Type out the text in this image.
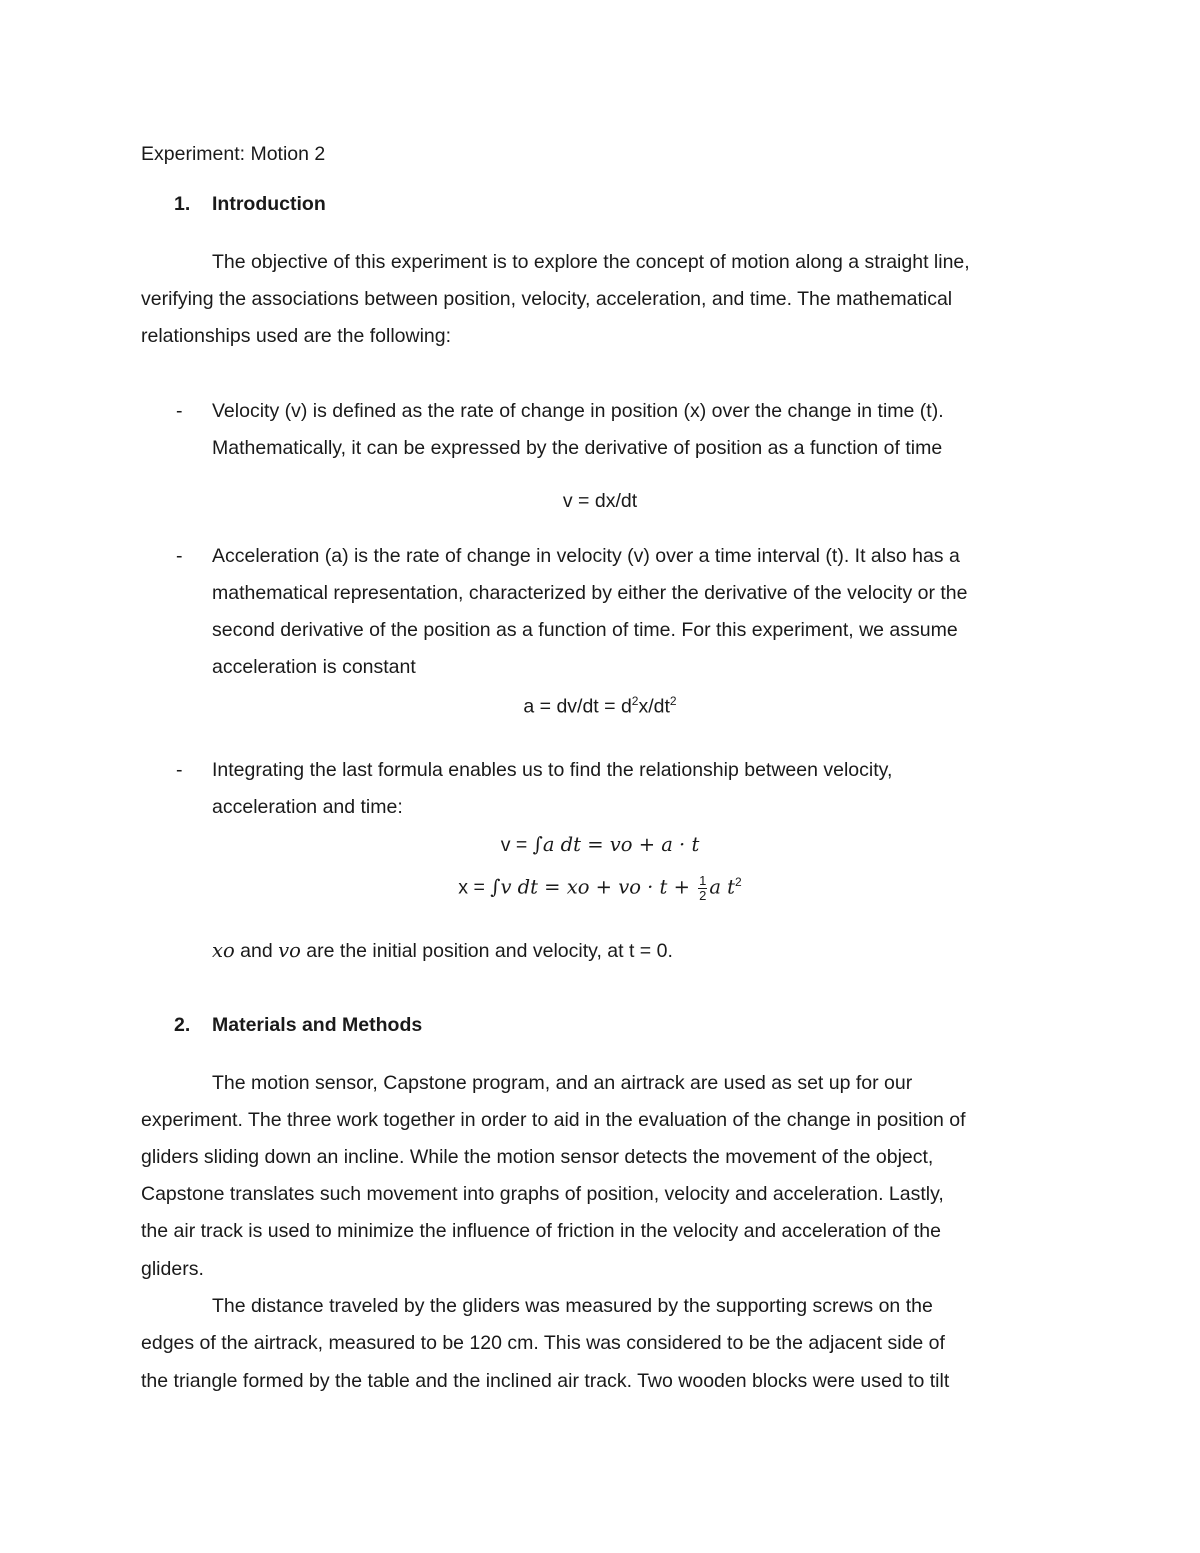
Experiment: Motion 2
1. Introduction
The objective of this experiment is to explore the concept of motion along a straight line,
verifying the associations between position, velocity, acceleration, and time. The mathematical
relationships used are the following:
- Velocity (v) is defined as the rate of change in position (x) over the change in time (t).
Mathematically, it can be expressed by the derivative of position as a function of time
v = dx/dt
- Acceleration (a) is the rate of change in velocity (v) over a time interval (t). It also has a
mathematical representation, characterized by either the derivative of the velocity or the
second derivative of the position as a function of time. For this experiment, we assume
acceleration is constant
$a = dv/dt = d^2x/dt^2$
- Integrating the last formula enables us to find the relationship between velocity,
acceleration and time:
v = ∫a dt = vo + a · t
x = ∫v dt = xo + vo · $t + \frac{1}{2}$ a $t^2$
xo and vo are the initial position and velocity, at t = 0.
2. Materials and Methods
The motion sensor, Capstone program, and an airtrack are used as set up for our
experiment. The three work together in order to aid in the evaluation of the change in position of
gliders sliding down an incline. While the motion sensor detects the movement of the object,
Capstone translates such movement into graphs of position, velocity and acceleration. Lastly,
the air track is used to minimize the influence of friction in the velocity and acceleration of the
gliders.
The distance traveled by the gliders was measured by the supporting screws on the
edges of the airtrack, measured to be 120 cm. This was considered to be the adjacent side of
the triangle formed by the table and the inclined air track. Two wooden blocks were used to tilt
